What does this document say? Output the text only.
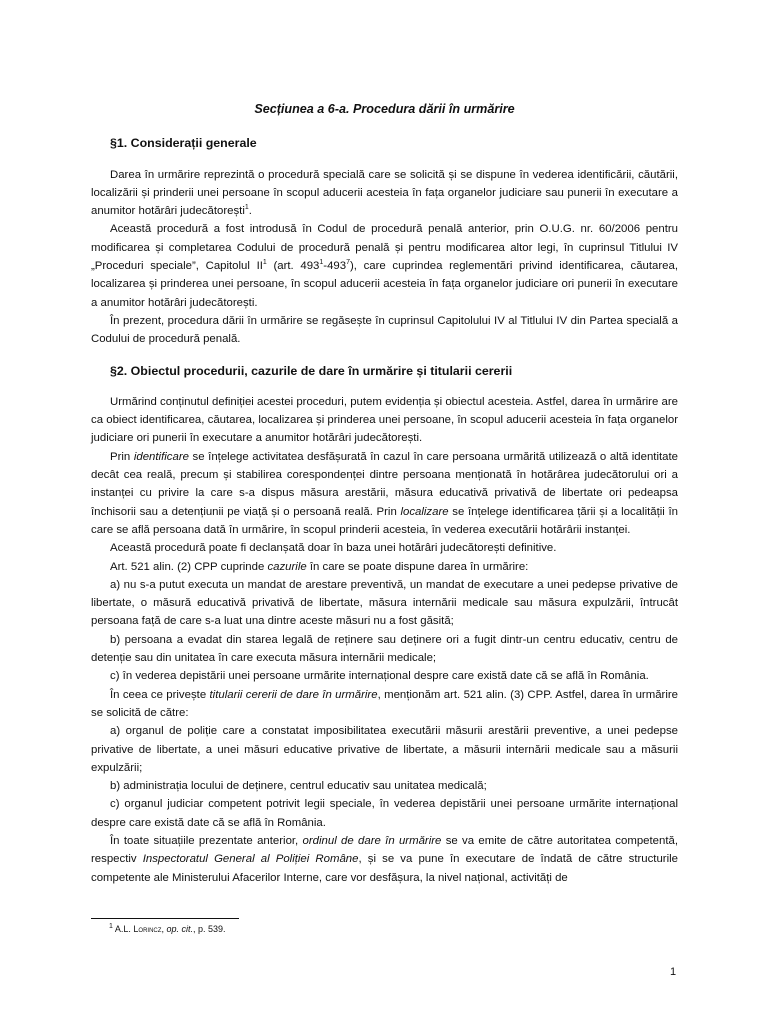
Secțiunea a 6-a. Procedura dării în urmărire
§1. Considerații generale

Darea în urmărire reprezintă o procedură specială care se solicită și se dispune în vederea identificării, căutării, localizării și prinderii unei persoane în scopul aducerii acesteia în fața organelor judiciare sau punerii în executare a anumitor hotărâri judecătorești$^1$.

Această procedură a fost introdusă în Codul de procedură penală anterior, prin O.U.G. nr. 60/2006 pentru modificarea și completarea Codului de procedură penală și pentru modificarea altor legi, în cuprinsul Titlului IV „Proceduri speciale”, Capitolul $II^1$ (art. $493^1-493^7$), care cuprindea reglementări privind identificarea, căutarea, localizarea și prinderea unei persoane, în scopul aducerii acesteia în fața organelor judiciare ori punerii în executare a anumitor hotărâri judecătorești.

În prezent, procedura dării în urmărire se regăsește în cuprinsul Capitolului IV al Titlului IV din Partea specială a Codului de procedură penală.

§2. Obiectul procedurii, cazurile de dare în urmărire și titularii cererii

Urmărind conținutul definiției acestei proceduri, putem evidenția și obiectul acesteia. Astfel, darea în urmărire are ca obiect identificarea, căutarea, localizarea și prinderea unei persoane, în scopul aducerii acesteia în fața organelor judiciare ori punerii în executare a anumitor hotărâri judecătorești.

Prin identificare se înțelege activitatea desfășurată în cazul în care persoana urmărită utilizează o altă identitate decât cea reală, precum și stabilirea corespondenței dintre persoana menționată în hotărârea judecătorului ori a instanței cu privire la care s-a dispus măsura arestării, măsura educativă privativă de libertate ori pedeapsa închisorii sau a detențiunii pe viață și o persoană reală. Prin localizare se înțelege identificarea țării și a localității în care se află persoana dată în urmărire, în scopul prinderii acesteia, în vederea executării hotărârii instanței.

Această procedură poate fi declanșată doar în baza unei hotărâri judecătorești definitive.

Art. 521 alin. (2) CPP cuprinde cazurile în care se poate dispune darea în urmărire:

a) nu s-a putut executa un mandat de arestare preventivă, un mandat de executare a unei pedepse privative de libertate, o măsură educativă privativă de libertate, măsura internării medicale sau măsura expulzării, întrucât persoana față de care s-a luat una dintre aceste măsuri nu a fost găsită;

b) persoana a evadat din starea legală de reținere sau deținere ori a fugit dintr-un centru educativ, centru de detenție sau din unitatea în care executa măsura internării medicale;

c) în vederea depistării unei persoane urmărite internațional despre care există date că se află în România.

În ceea ce privește titularii cererii de dare în urmărire, menționăm art. 521 alin. (3) CPP. Astfel, darea în urmărire se solicită de către:

a) organul de poliție care a constatat imposibilitatea executării măsurii arestării preventive, a unei pedepse privative de libertate, a unei măsuri educative privative de libertate, a măsurii internării medicale sau a măsurii expulzării;

b) administrația locului de deținere, centrul educativ sau unitatea medicală;

c) organul judiciar competent potrivit legii speciale, în vederea depistării unei persoane urmărite internațional despre care există date că se află în România.

În toate situațiile prezentate anterior, ordinul de dare în urmărire se va emite de către autoritatea competentă, respectiv Inspectoratul General al Poliției Române, și se va pune în executare de îndată de către structurile competente ale Ministerului Afacerilor Interne, care vor desfășura, la nivel național, activități de

$^1$ A.L. Lorincz, op. cit., p. 539.
1
